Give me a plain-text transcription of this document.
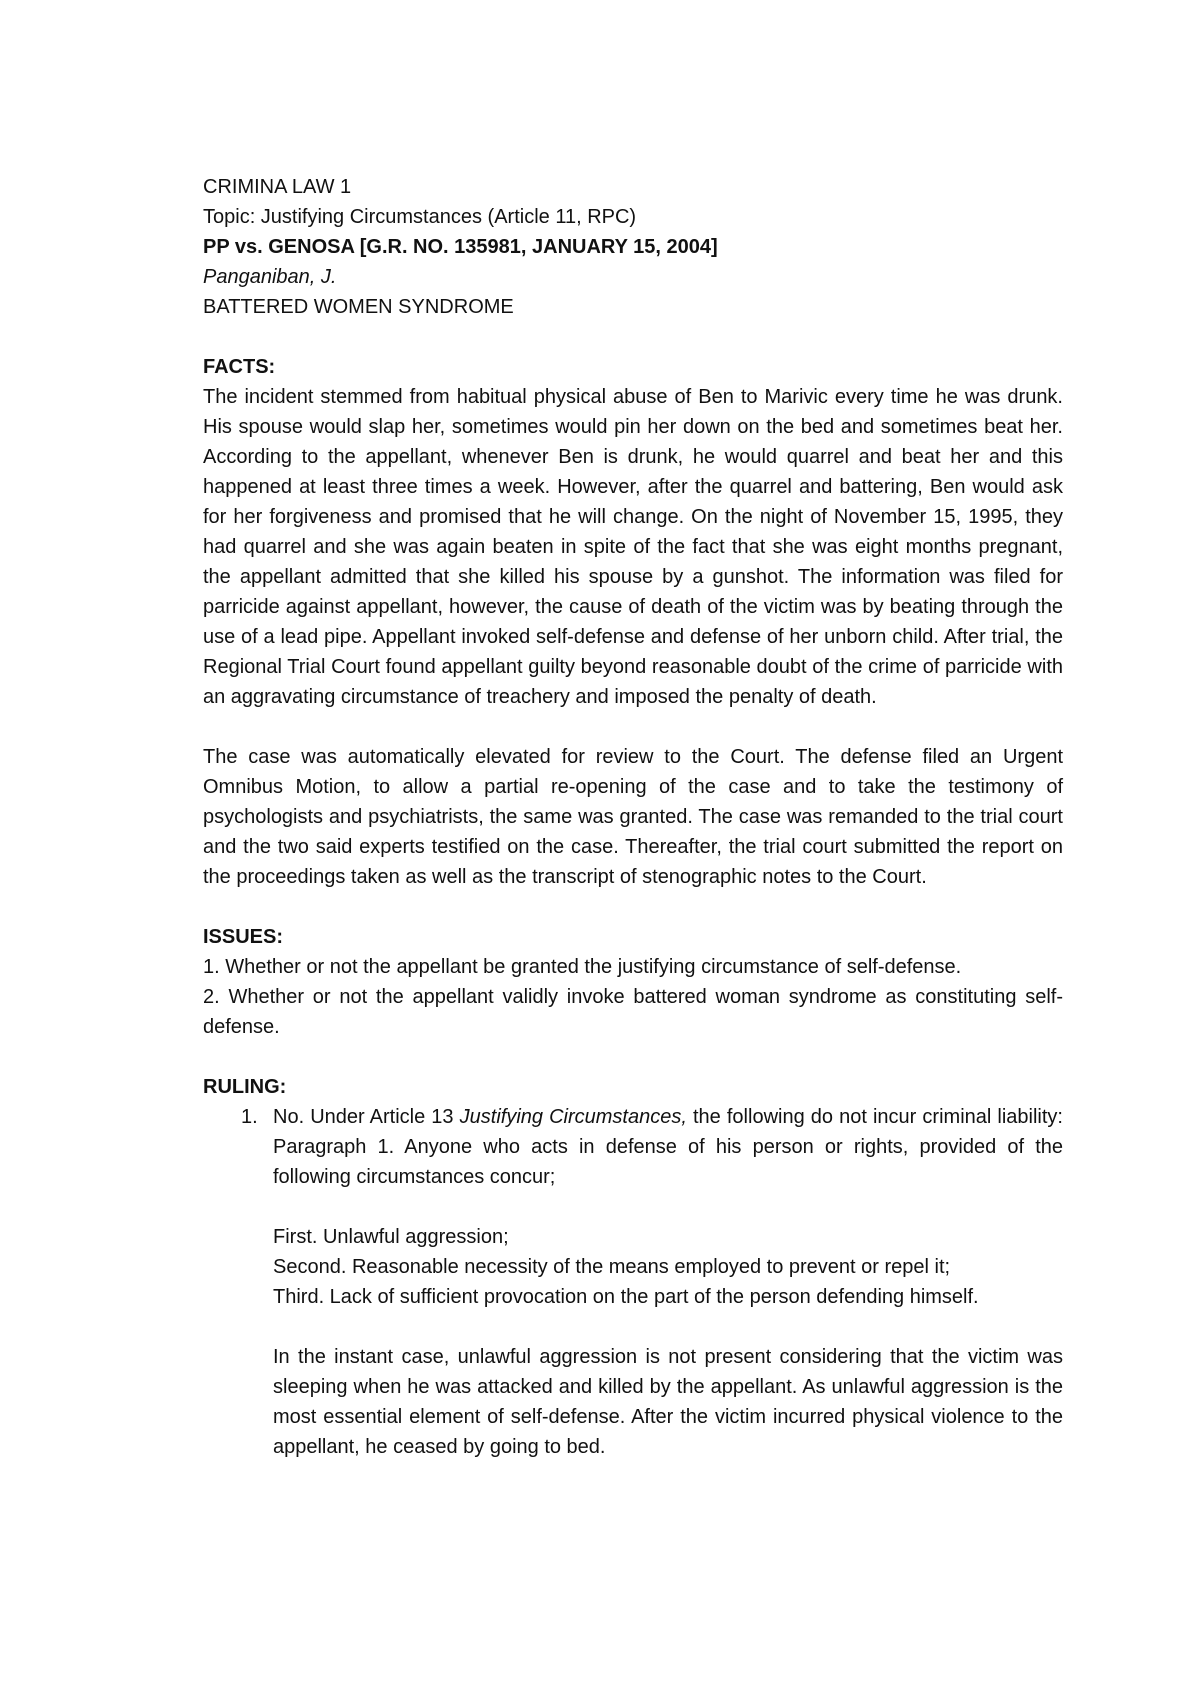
CRIMINA LAW 1

Topic: Justifying Circumstances (Article 11, RPC)

PP vs. GENOSA [G.R. NO. 135981, JANUARY 15, 2004]

Panganiban, J.

BATTERED WOMEN SYNDROME

FACTS:

The incident stemmed from habitual physical abuse of Ben to Marivic every time he was drunk. His spouse would slap her, sometimes would pin her down on the bed and sometimes beat her. According to the appellant, whenever Ben is drunk, he would quarrel and beat her and this happened at least three times a week. However, after the quarrel and battering, Ben would ask for her forgiveness and promised that he will change. On the night of November 15, 1995, they had quarrel and she was again beaten in spite of the fact that she was eight months pregnant, the appellant admitted that she killed his spouse by a gunshot. The information was filed for parricide against appellant, however, the cause of death of the victim was by beating through the use of a lead pipe. Appellant invoked self-defense and defense of her unborn child. After trial, the Regional Trial Court found appellant guilty beyond reasonable doubt of the crime of parricide with an aggravating circumstance of treachery and imposed the penalty of death.

The case was automatically elevated for review to the Court. The defense filed an Urgent Omnibus Motion, to allow a partial re-opening of the case and to take the testimony of psychologists and psychiatrists, the same was granted. The case was remanded to the trial court and the two said experts testified on the case. Thereafter, the trial court submitted the report on the proceedings taken as well as the transcript of stenographic notes to the Court.

ISSUES:

1. Whether or not the appellant be granted the justifying circumstance of self-defense.

2. Whether or not the appellant validly invoke battered woman syndrome as constituting self-defense.

RULING:

1. No. Under Article 13 Justifying Circumstances, the following do not incur criminal liability: Paragraph 1. Anyone who acts in defense of his person or rights, provided of the following circumstances concur;

First. Unlawful aggression;

Second. Reasonable necessity of the means employed to prevent or repel it;

Third. Lack of sufficient provocation on the part of the person defending himself.

In the instant case, unlawful aggression is not present considering that the victim was sleeping when he was attacked and killed by the appellant. As unlawful aggression is the most essential element of self-defense. After the victim incurred physical violence to the appellant, he ceased by going to bed.
